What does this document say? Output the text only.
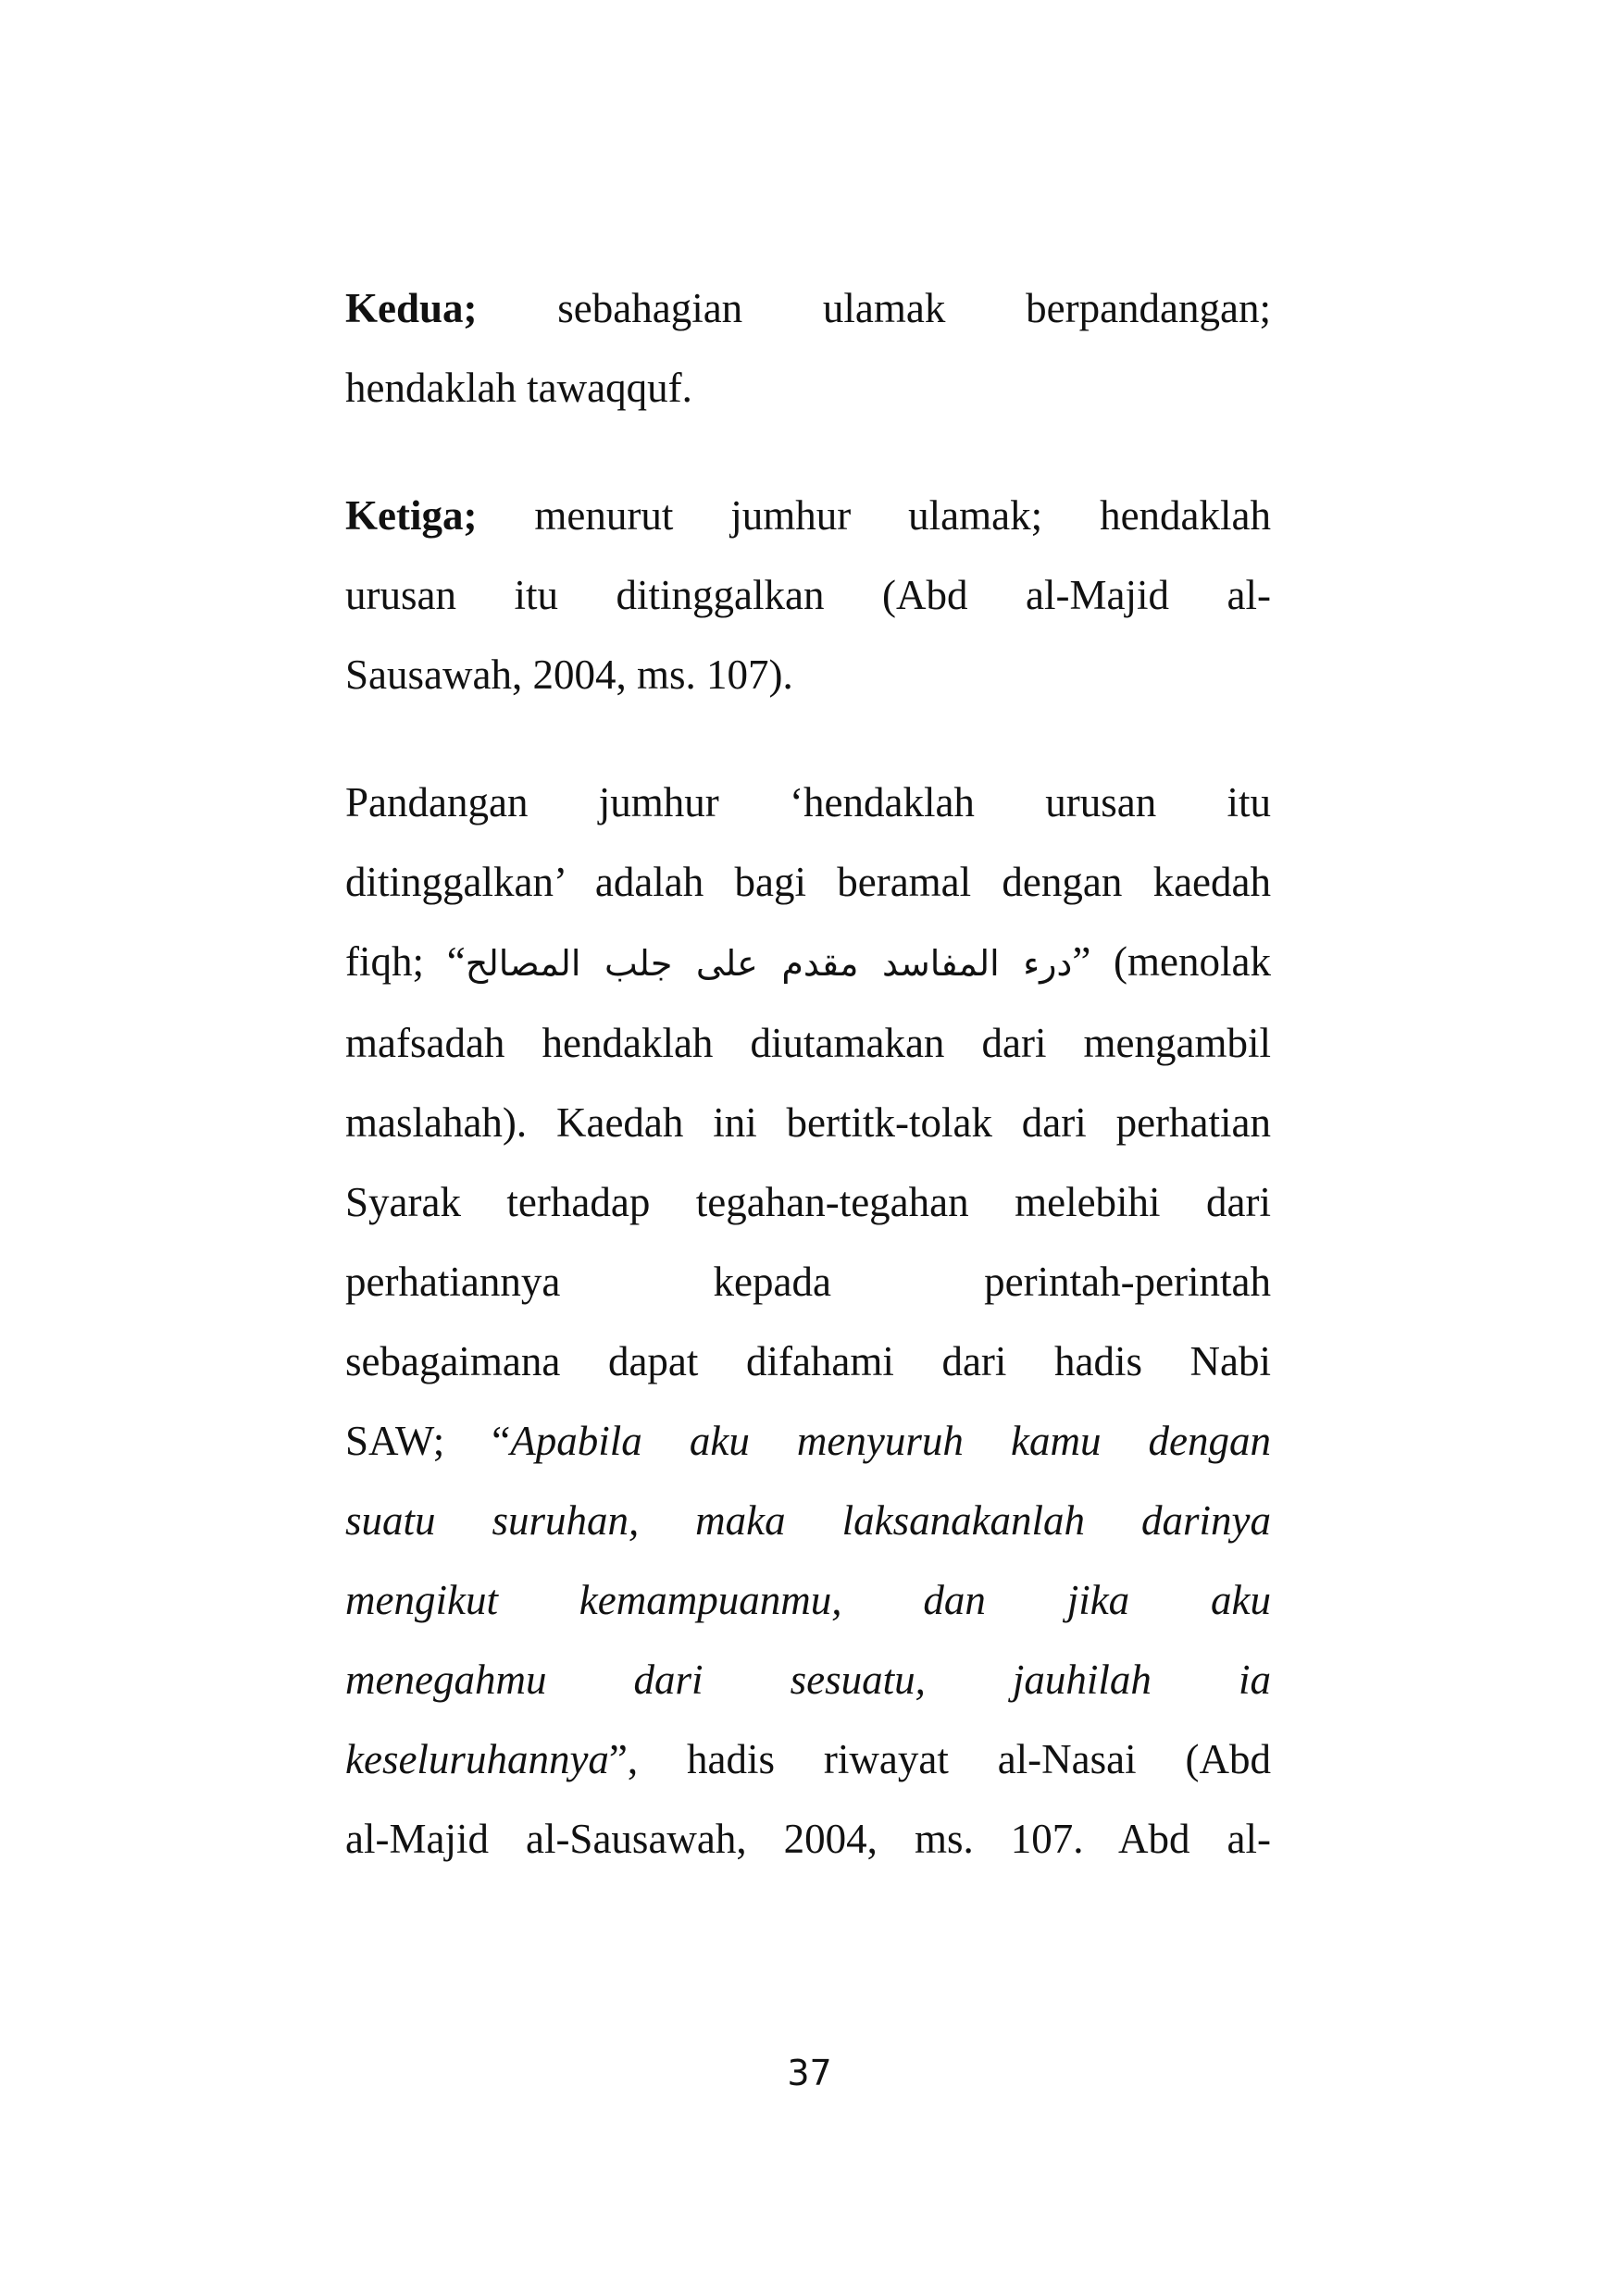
Kedua; sebahagian ulamak berpandangan;
hendaklah tawaqquf.

Ketiga; menurut jumhur ulamak; hendaklah
urusan itu ditinggalkan (Abd al-Majid al-
Sausawah, 2004, ms. 107).

Pandangan jumhur ‘hendaklah urusan itu
ditinggalkan’ adalah bagi beramal dengan kaedah
fiqh; “درء المفاسد مقدم على جلب المصالح” (menolak
mafsadah hendaklah diutamakan dari mengambil
maslahah). Kaedah ini bertitk-tolak dari perhatian
Syarak terhadap tegahan-tegahan melebihi dari
perhatiannya kepada perintah-perintah
sebagaimana dapat difahami dari hadis Nabi
SAW; “Apabila aku menyuruh kamu dengan
suatu suruhan, maka laksanakanlah darinya
mengikut kemampuanmu, dan jika aku
menegahmu dari sesuatu, jauhilah ia
keseluruhannya”, hadis riwayat al-Nasai (Abd
al-Majid al-Sausawah, 2004, ms. 107. Abd al-

37
